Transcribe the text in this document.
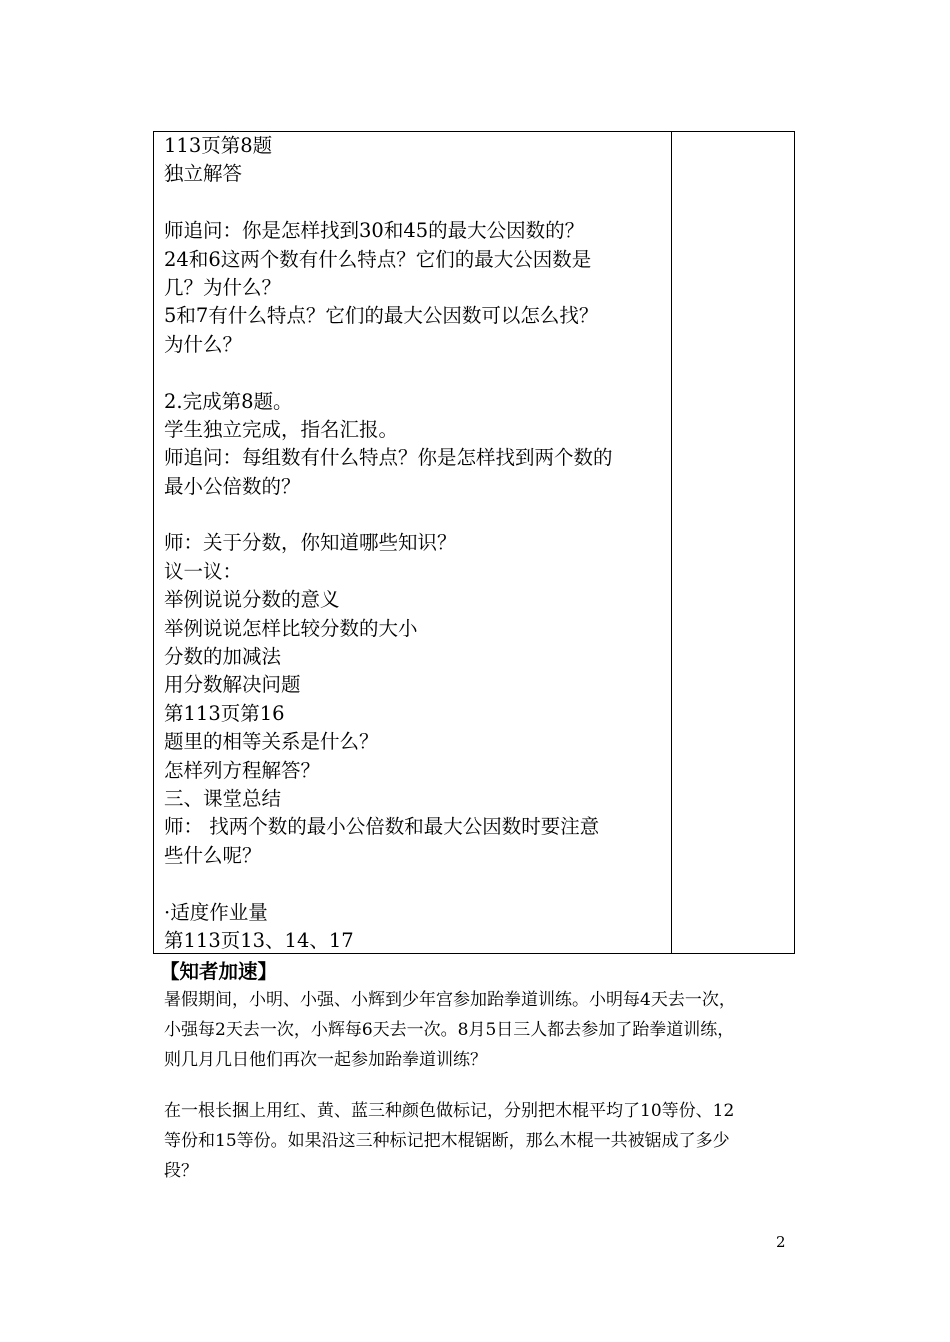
113页第8题
独立解答
师追问：你是怎样找到30和45的最大公因数的？
24和6这两个数有什么特点？它们的最大公因数是
几？为什么？
5和7有什么特点？它们的最大公因数可以怎么找？
为什么？
2.完成第8题。
学生独立完成，指名汇报。
师追问：每组数有什么特点？你是怎样找到两个数的
最小公倍数的？
师：关于分数，你知道哪些知识？
议一议：
举例说说分数的意义
举例说说怎样比较分数的大小
分数的加减法
用分数解决问题
第113页第16
题里的相等关系是什么？
怎样列方程解答？
三、课堂总结
师： 找两个数的最小公倍数和最大公因数时要注意
些什么呢？
·适度作业量
第113页13、14、17
【知者加速】
暑假期间，小明、小强、小辉到少年宫参加跆拳道训练。小明每4天去一次，
小强每2天去一次，小辉每6天去一次。8月5日三人都去参加了跆拳道训练，
则几月几日他们再次一起参加跆拳道训练？
在一根长捆上用红、黄、蓝三种颜色做标记，分别把木棍平均了10等份、12
等份和15等份。如果沿这三种标记把木棍锯断，那么木棍一共被锯成了多少
段？
2
